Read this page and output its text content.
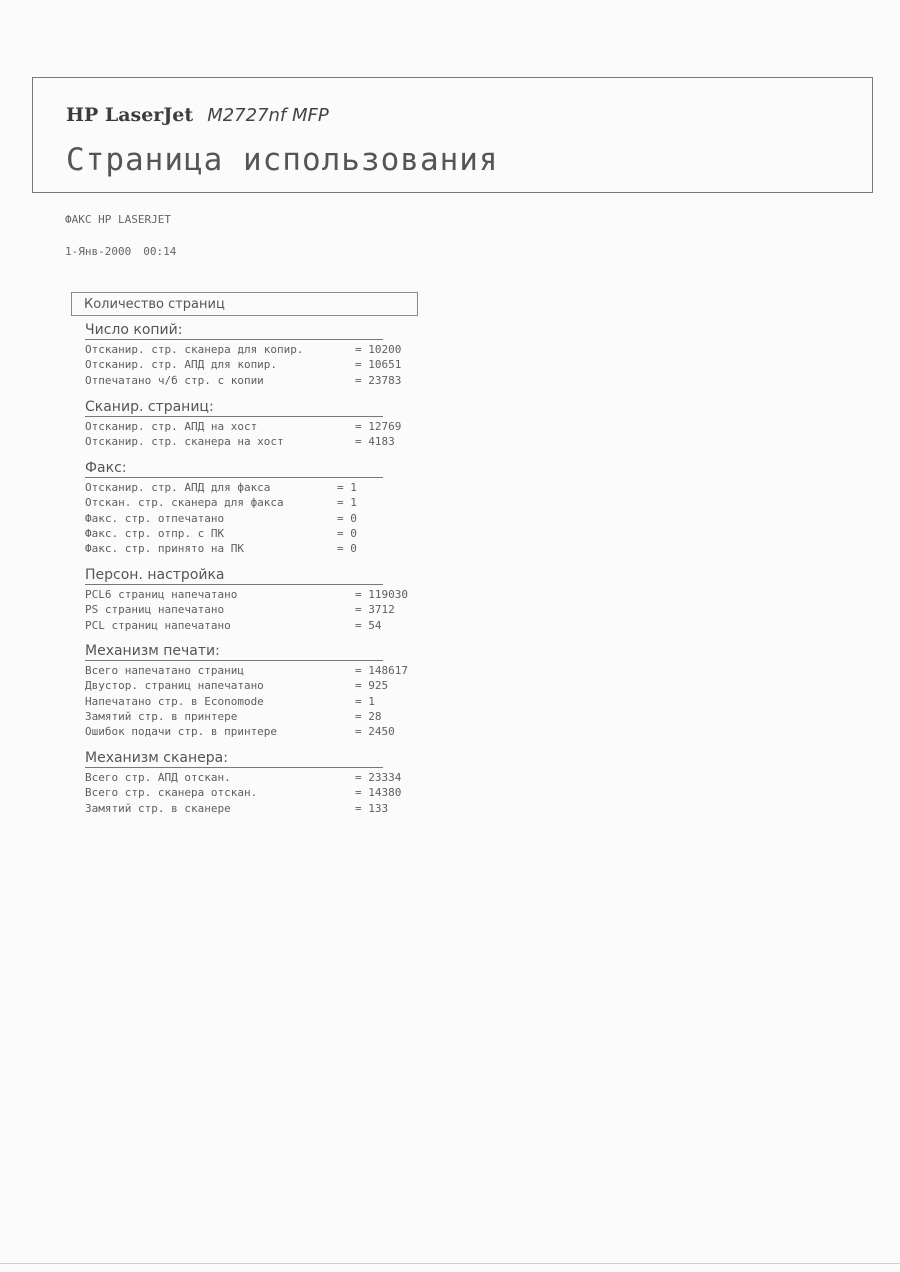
HP LaserJet M2727nf MFP
Страница использования
ФАКС HP LASERJET
1-Янв-2000 00:14
Количество страниц
Число копий:
Отсканир. стр. сканера для копир.	= 10200
Отсканир. стр. АПД для копир.	= 10651
Отпечатано ч/б стр. с копии	= 23783
Сканир. страниц:
Отсканир. стр. АПД на хост	= 12769
Отсканир. стр. сканера на хост	= 4183
Факс:
Отсканир. стр. АПД для факса	= 1
Отскан. стр. сканера для факса	= 1
Факс. стр. отпечатано	= 0
Факс. стр. отпр. с ПК	= 0
Факс. стр. принято на ПК	= 0
Персон. настройка
PCL6 страниц напечатано	= 119030
PS страниц напечатано	= 3712
PCL страниц напечатано	= 54
Механизм печати:
Всего напечатано страниц	= 148617
Двустор. страниц напечатано	= 925
Напечатано стр. в Economode	= 1
Замятий стр. в принтере	= 28
Ошибок подачи стр. в принтере	= 2450
Механизм сканера:
Всего стр. АПД отскан.	= 23334
Всего стр. сканера отскан.	= 14380
Замятий стр. в сканере	= 133
